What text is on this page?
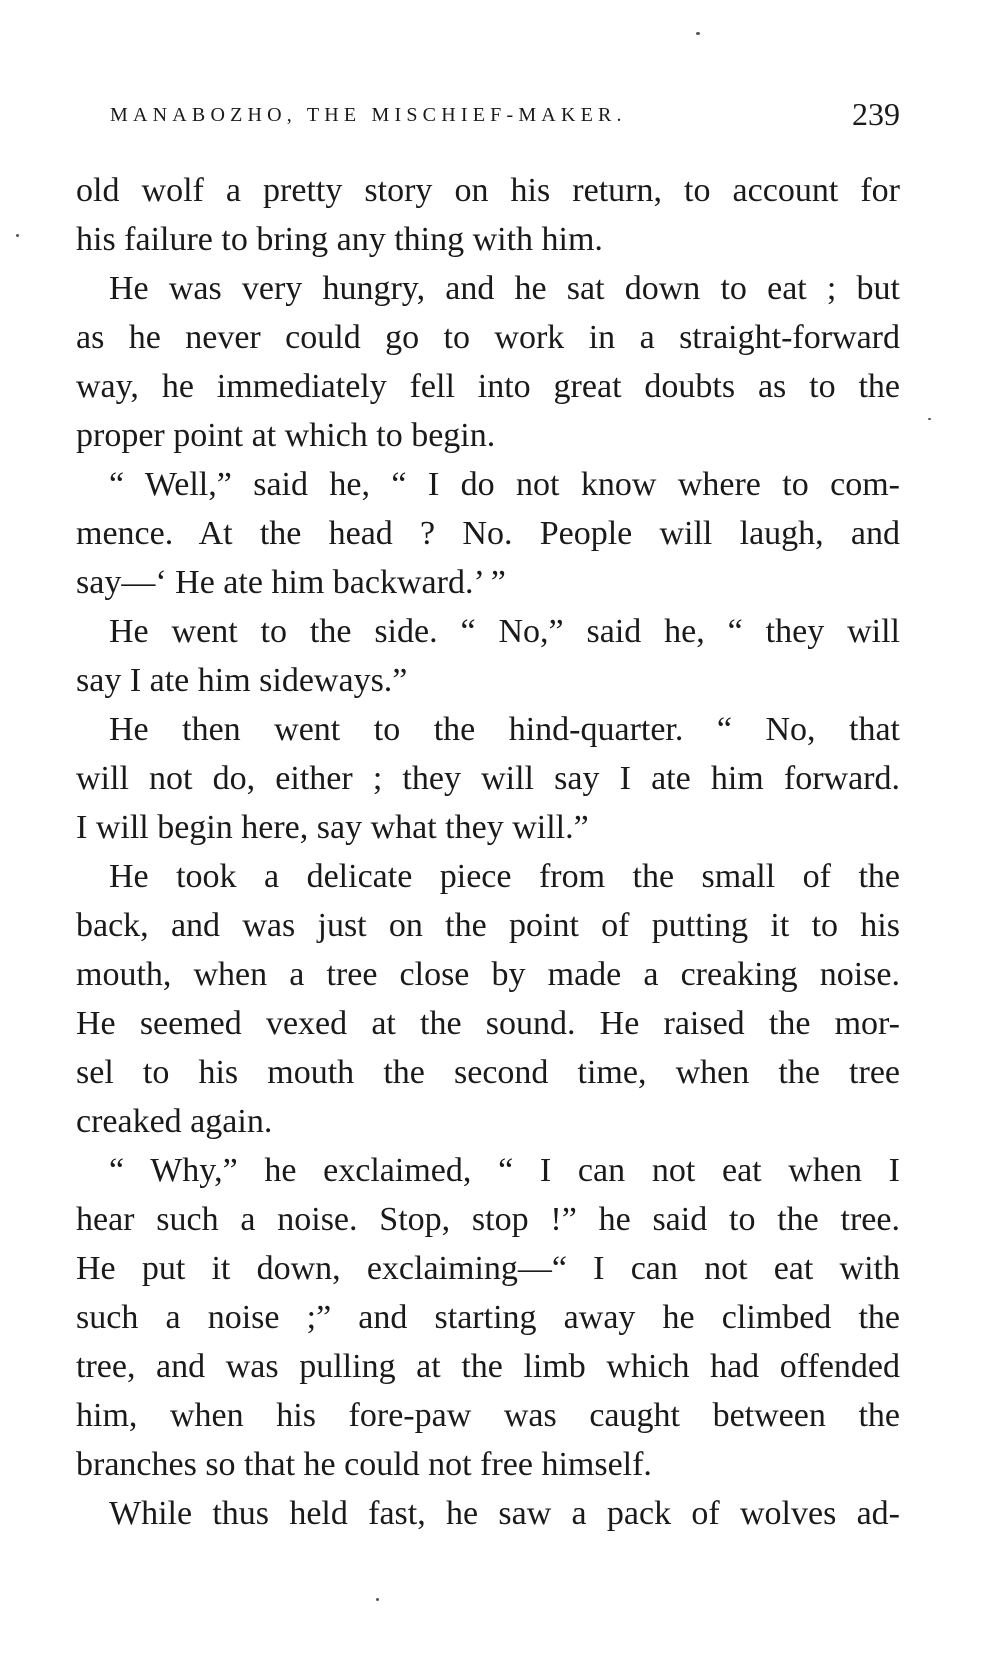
MANABOZHO, THE MISCHIEF-MAKER.	239
old wolf a pretty story on his return, to account for
his failure to bring any thing with him.
He was very hungry, and he sat down to eat ; but
as he never could go to work in a straight-forward
way, he immediately fell into great doubts as to the
proper point at which to begin.
“ Well,” said he, “ I do not know where to com-
mence. At the head ? No. People will laugh, and
say—‘ He ate him backward.’ ”
He went to the side. “ No,” said he, “ they will
say I ate him sideways.”
He then went to the hind-quarter. “ No, that
will not do, either ; they will say I ate him forward.
I will begin here, say what they will.”
He took a delicate piece from the small of the
back, and was just on the point of putting it to his
mouth, when a tree close by made a creaking noise.
He seemed vexed at the sound. He raised the mor-
sel to his mouth the second time, when the tree
creaked again.
“ Why,” he exclaimed, “ I can not eat when I
hear such a noise. Stop, stop !” he said to the tree.
He put it down, exclaiming—“ I can not eat with
such a noise ;” and starting away he climbed the
tree, and was pulling at the limb which had offended
him, when his fore-paw was caught between the
branches so that he could not free himself.
While thus held fast, he saw a pack of wolves ad-
